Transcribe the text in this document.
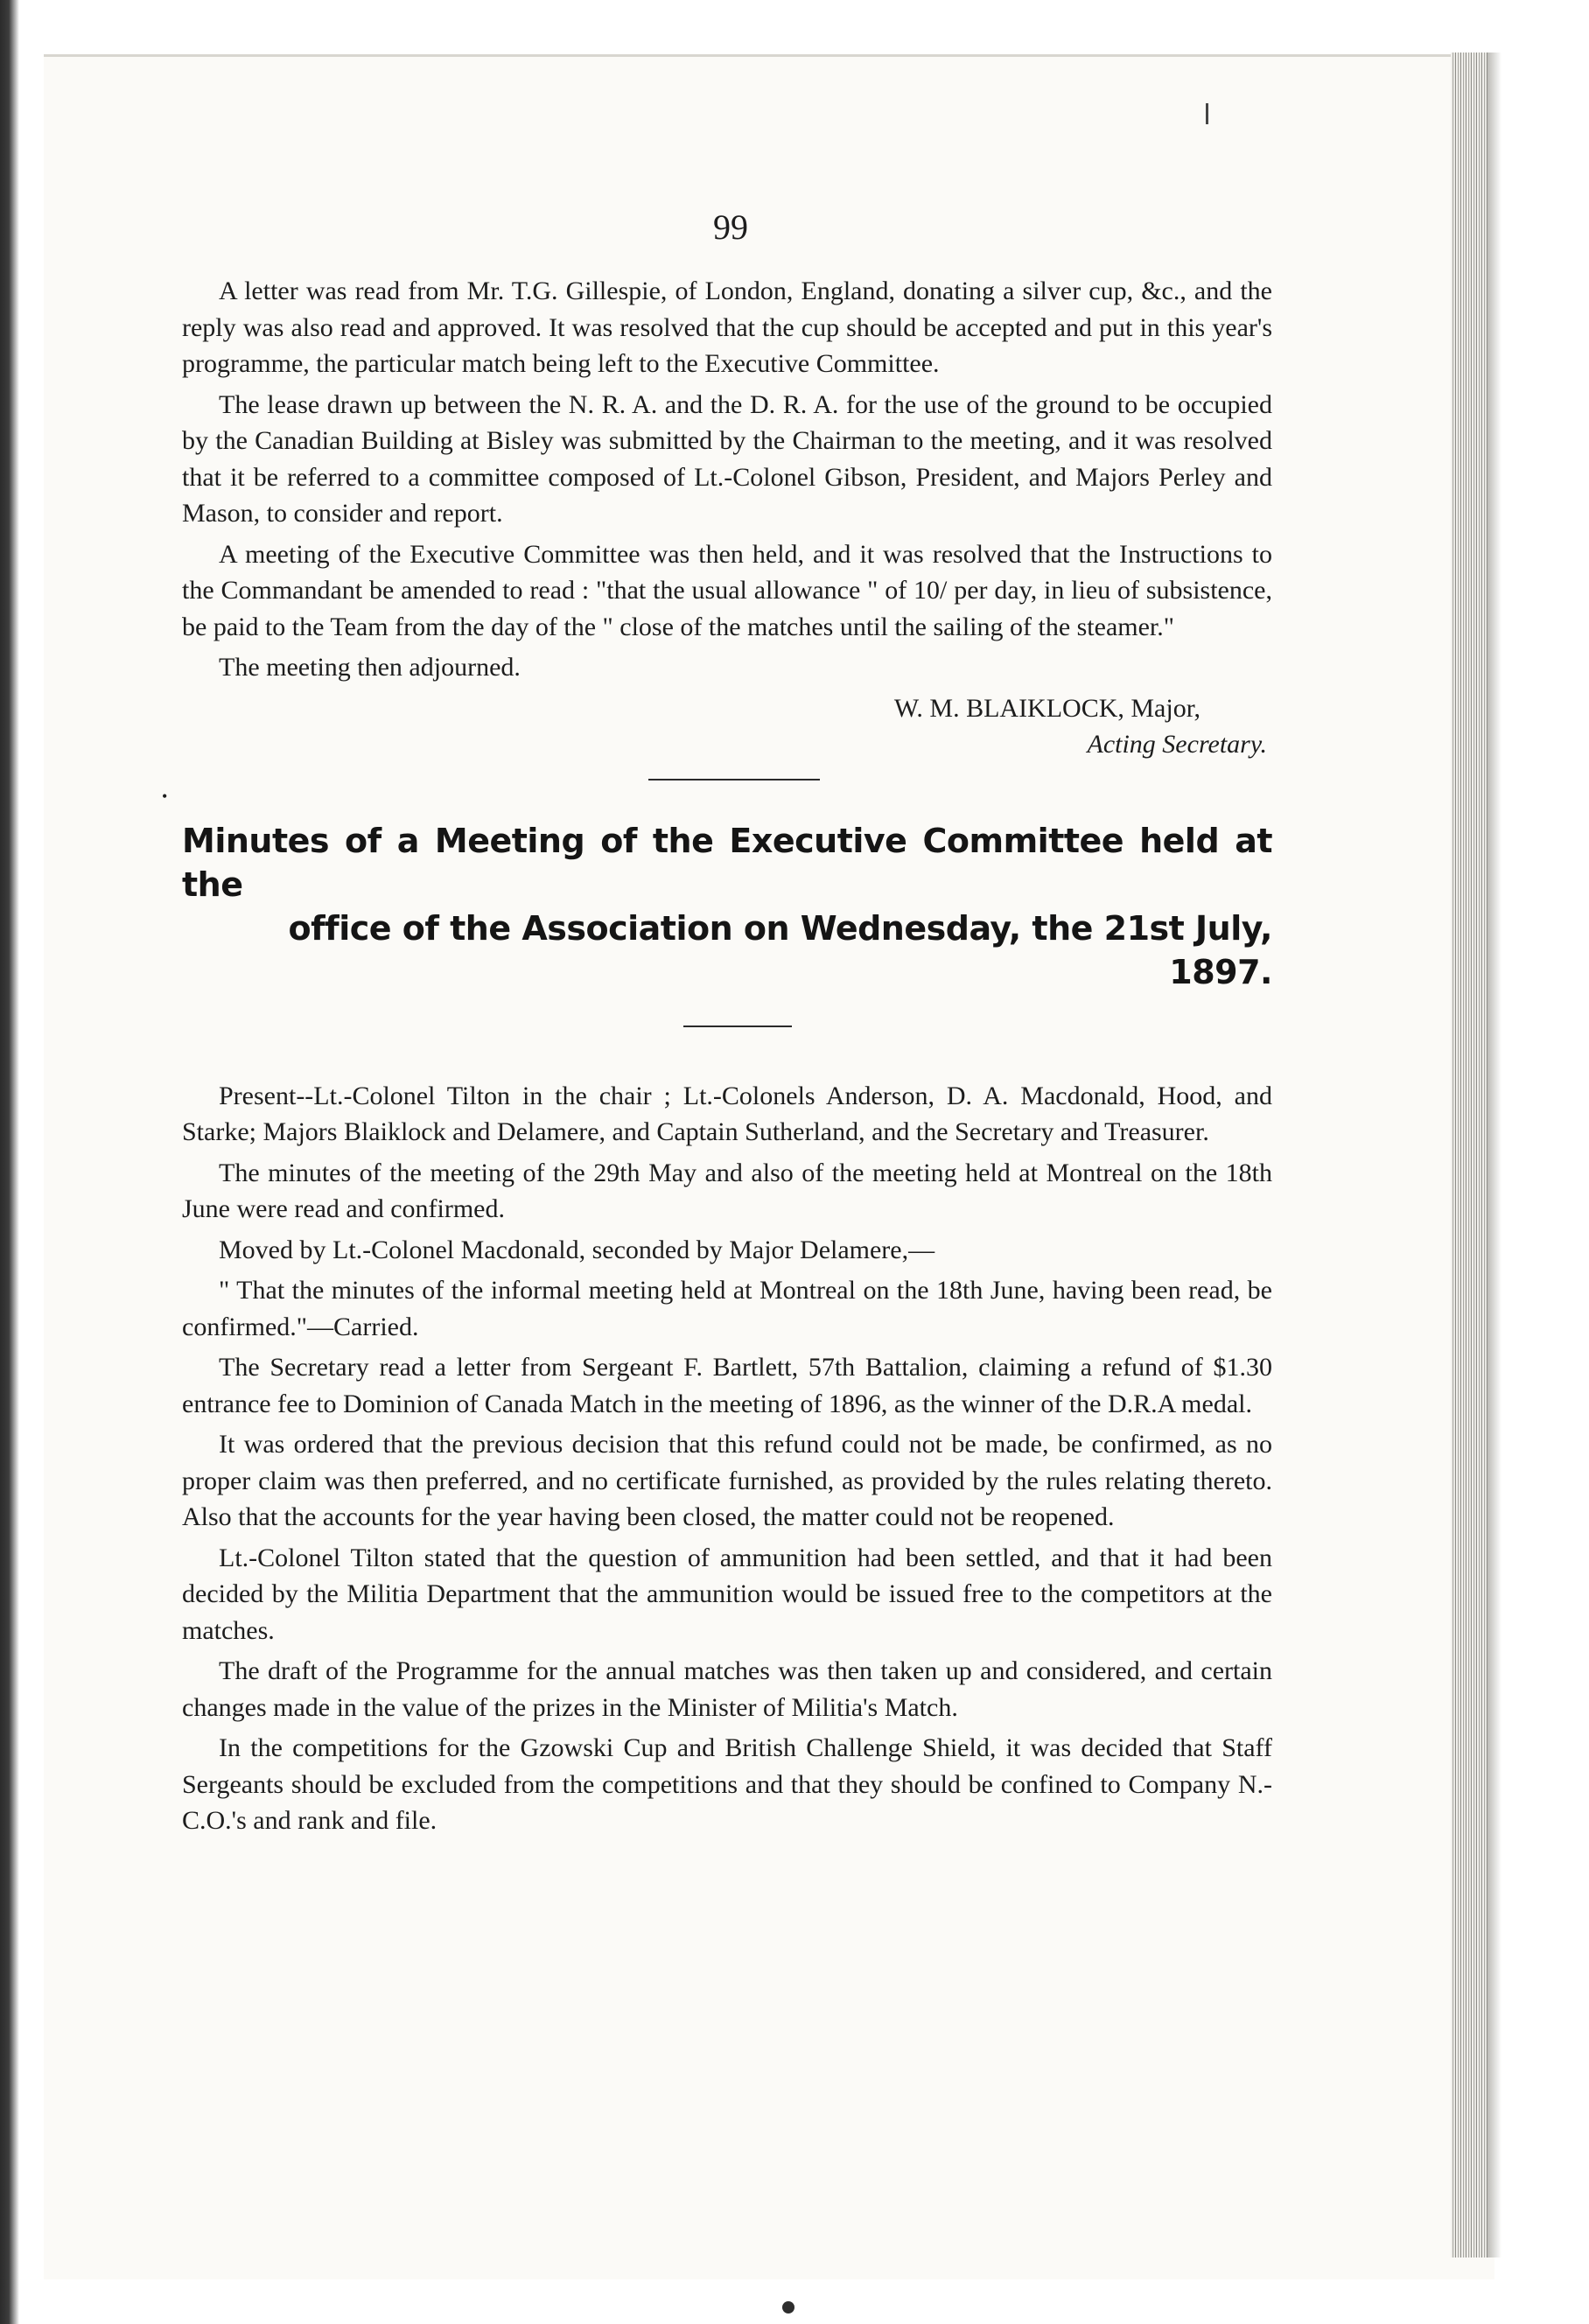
99

A letter was read from Mr. T.G. Gillespie, of London, England, donating a silver cup, &c., and the reply was also read and approved. It was resolved that the cup should be accepted and put in this year's programme, the particular match being left to the Executive Committee.

The lease drawn up between the N. R. A. and the D. R. A. for the use of the ground to be occupied by the Canadian Building at Bisley was submitted by the Chairman to the meeting, and it was resolved that it be referred to a committee composed of Lt.-Colonel Gibson, President, and Majors Perley and Mason, to consider and report.

A meeting of the Executive Committee was then held, and it was resolved that the Instructions to the Commandant be amended to read : "that the usual allowance " of 10/ per day, in lieu of subsistence, be paid to the Team from the day of the " close of the matches until the sailing of the steamer."

The meeting then adjourned.

W. M. BLAIKLOCK, Major,
Acting Secretary.
•
Minutes of a Meeting of the Executive Committee held at the
office of the Association on Wednesday, the 21st July, 1897.

Present--Lt.-Colonel Tilton in the chair ; Lt.-Colonels Anderson, D. A. Macdonald, Hood, and Starke; Majors Blaiklock and Delamere, and Captain Sutherland, and the Secretary and Treasurer.

The minutes of the meeting of the 29th May and also of the meeting held at Montreal on the 18th June were read and confirmed.

Moved by Lt.-Colonel Macdonald, seconded by Major Delamere,—

" That the minutes of the informal meeting held at Montreal on the 18th June, having been read, be confirmed."—Carried.

The Secretary read a letter from Sergeant F. Bartlett, 57th Battalion, claiming a refund of $1.30 entrance fee to Dominion of Canada Match in the meeting of 1896, as the winner of the D.R.A medal.

It was ordered that the previous decision that this refund could not be made, be confirmed, as no proper claim was then preferred, and no certificate furnished, as provided by the rules relating thereto. Also that the accounts for the year having been closed, the matter could not be reopened.

Lt.-Colonel Tilton stated that the question of ammunition had been settled, and that it had been decided by the Militia Department that the ammunition would be issued free to the competitors at the matches.

The draft of the Programme for the annual matches was then taken up and considered, and certain changes made in the value of the prizes in the Minister of Militia's Match.

In the competitions for the Gzowski Cup and British Challenge Shield, it was decided that Staff Sergeants should be excluded from the competitions and that they should be confined to Company N.-C.O.'s and rank and file.
